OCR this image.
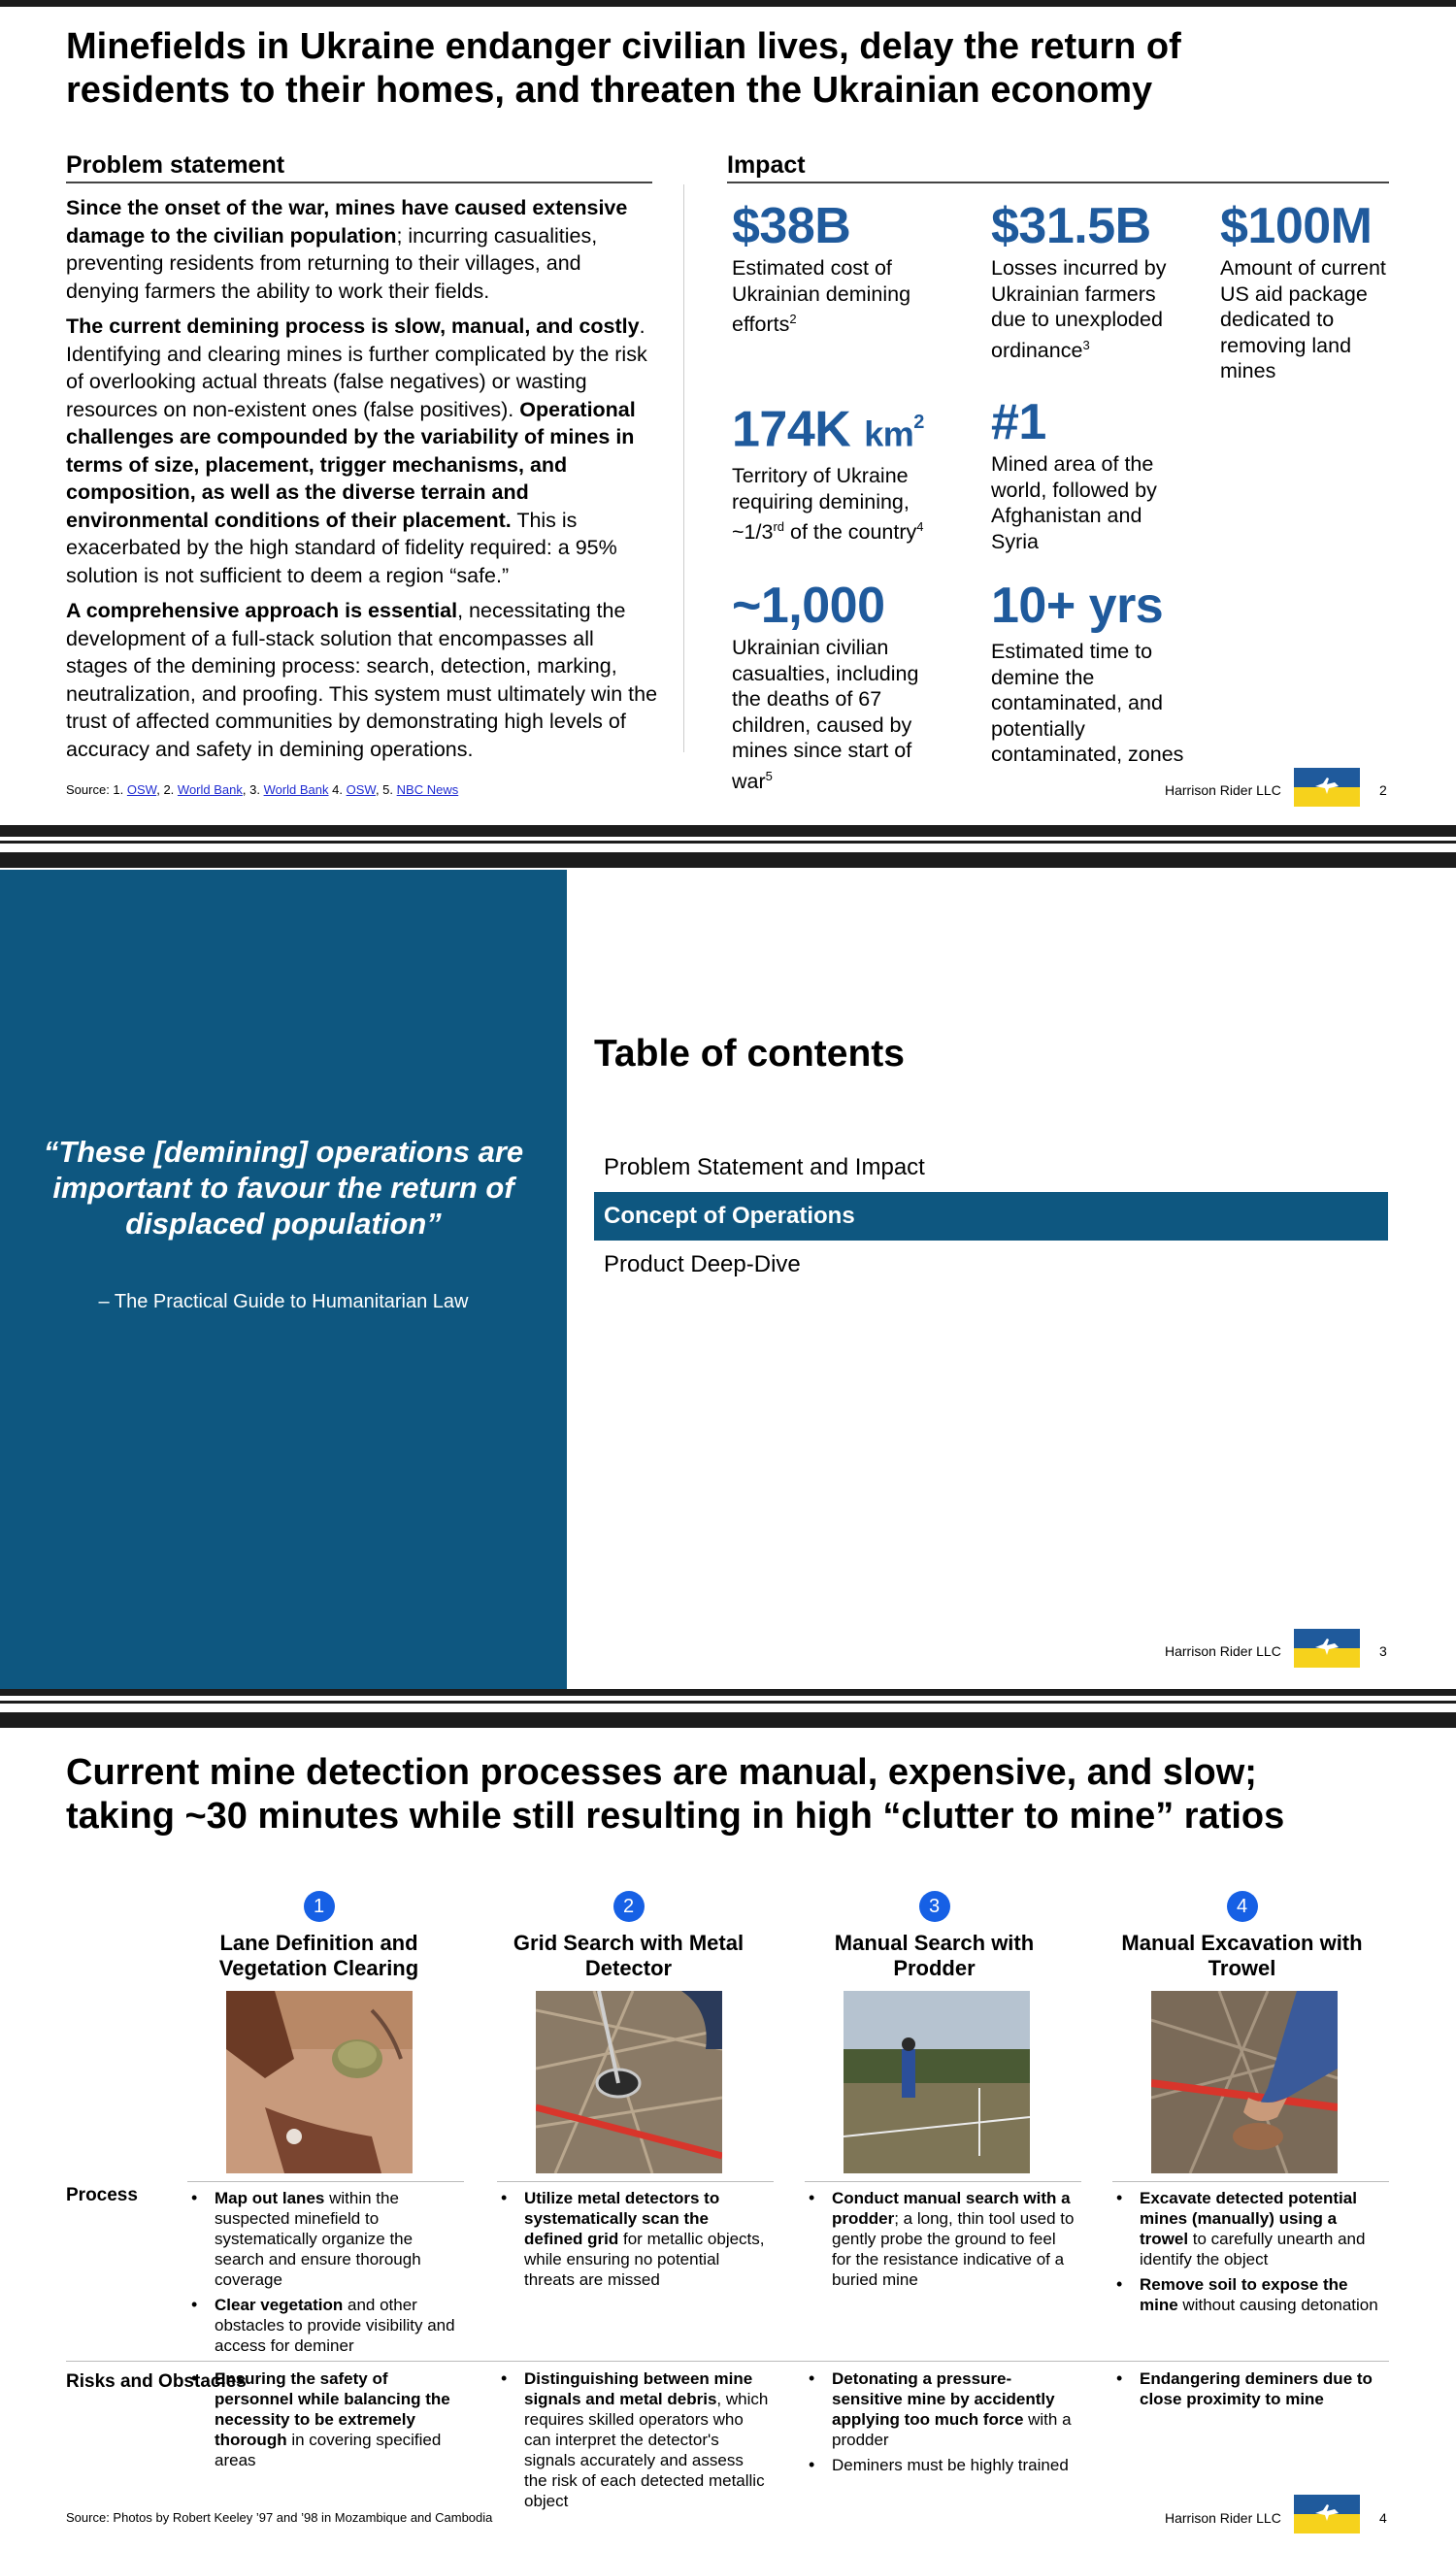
Minefields in Ukraine endanger civilian lives, delay the return of
residents to their homes, and threaten the Ukrainian economy
Problem statement	Impact

Since the onset of the war, mines have caused extensive damage to the civilian population; incurring casualities, preventing residents from returning to their villages, and denying farmers the ability to work their fields.

The current demining process is slow, manual, and costly. Identifying and clearing mines is further complicated by the risk of overlooking actual threats (false negatives) or wasting resources on non-existent ones (false positives). Operational challenges are compounded by the variability of mines in terms of size, placement, trigger mechanisms, and composition, as well as the diverse terrain and environmental conditions of their placement. This is exacerbated by the high standard of fidelity required: a 95% solution is not sufficient to deem a region “safe.”

A comprehensive approach is essential, necessitating the development of a full-stack solution that encompasses all stages of the demining process: search, detection, marking, neutralization, and proofing. This system must ultimately win the trust of affected communities by demonstrating high levels of accuracy and safety in demining operations.

$38B
Estimated cost of Ukrainian demining efforts$^2$
$31.5B
Losses incurred by Ukrainian farmers due to unexploded ordinance$^3$
$100M
Amount of current US aid package dedicated to removing land mines
174K $km^2$
Territory of Ukraine requiring demining, ~1/3rd of the country$^4$
#1
Mined area of the world, followed by Afghanistan and Syria
~1,000
Ukrainian civilian casualties, including the deaths of 67 children, caused by mines since start of war$^5$
10+ yrs
Estimated time to demine the contaminated, and potentially contaminated, zones
Source: 1. OSW, 2. World Bank, 3. World Bank 4. OSW, 5. NBC News	Harrison Rider LLC	2
“These [demining] operations are important to favour the return of displaced population”
– The Practical Guide to Humanitarian Law
Table of contents
Problem Statement and Impact
Concept of Operations
Product Deep-Dive
Harrison Rider LLC	3
Current mine detection processes are manual, expensive, and slow;
taking ~30 minutes while still resulting in high “clutter to mine” ratios
1
Lane Definition and Vegetation Clearing
2
Grid Search with Metal Detector
3
Manual Search with Prodder
4
Manual Excavation with Trowel
Process
•	Map out lanes within the suspected minefield to systematically organize the search and ensure thorough coverage
• Clear vegetation and other obstacles to provide visibility and access for deminer
• Utilize metal detectors to systematically scan the defined grid for metallic objects, while ensuring no potential threats are missed
• Conduct manual search with a prodder; a long, thin tool used to gently probe the ground to feel for the resistance indicative of a buried mine
• Excavate detected potential mines (manually) using a trowel to carefully unearth and identify the object
• Remove soil to expose the mine without causing detonation
Risks and Obstacles
• Ensuring the safety of personnel while balancing the necessity to be extremely thorough in covering specified areas
• Distinguishing between mine signals and metal debris, which requires skilled operators who can interpret the detector's signals accurately and assess the risk of each detected metallic object
• Detonating a pressure-sensitive mine by accidently applying too much force with a prodder
• Deminers must be highly trained
• Endangering deminers due to close proximity to mine
Source: Photos by Robert Keeley ’97 and ’98 in Mozambique and Cambodia	Harrison Rider LLC	4
